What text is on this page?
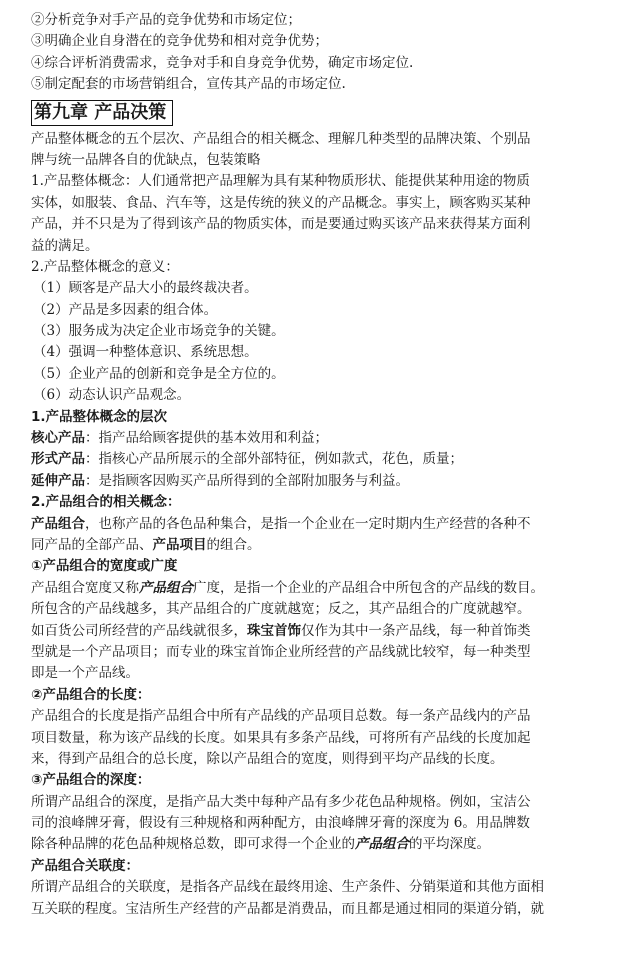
②分析竞争对手产品的竞争优势和市场定位；
③明确企业自身潜在的竞争优势和相对竞争优势；
④综合评析消费需求，竞争对手和自身竞争优势，确定市场定位.
⑤制定配套的市场营销组合，宣传其产品的市场定位.
第九章 产品决策
产品整体概念的五个层次、产品组合的相关概念、理解几种类型的品牌决策、个别品
牌与统一品牌各自的优缺点，包装策略
1.产品整体概念：人们通常把产品理解为具有某种物质形状、能提供某种用途的物质
实体，如服装、食品、汽车等，这是传统的狭义的产品概念。事实上，顾客购买某种
产品，并不只是为了得到该产品的物质实体，而是要通过购买该产品来获得某方面利
益的满足。
2.产品整体概念的意义：
（1）顾客是产品大小的最终裁决者。
（2）产品是多因素的组合体。
（3）服务成为决定企业市场竞争的关键。
（4）强调一种整体意识、系统思想。
（5）企业产品的创新和竞争是全方位的。
（6）动态认识产品观念。
1.产品整体概念的层次
核心产品：指产品给顾客提供的基本效用和利益；
形式产品：指核心产品所展示的全部外部特征，例如款式，花色，质量；
延伸产品：是指顾客因购买产品所得到的全部附加服务与利益。
2.产品组合的相关概念：
产品组合，也称产品的各色品种集合，是指一个企业在一定时期内生产经营的各种不
同产品的全部产品、产品项目的组合。
①产品组合的宽度或广度
产品组合宽度又称产品组合广度，是指一个企业的产品组合中所包含的产品线的数目。
所包含的产品线越多，其产品组合的广度就越宽；反之，其产品组合的广度就越窄。
如百货公司所经营的产品线就很多，珠宝首饰仅作为其中一条产品线，每一种首饰类
型就是一个产品项目；而专业的珠宝首饰企业所经营的产品线就比较窄，每一种类型
即是一个产品线。
②产品组合的长度：
产品组合的长度是指产品组合中所有产品线的产品项目总数。每一条产品线内的产品
项目数量，称为该产品线的长度。如果具有多条产品线，可将所有产品线的长度加起
来，得到产品组合的总长度，除以产品组合的宽度，则得到平均产品线的长度。
③产品组合的深度：
所谓产品组合的深度，是指产品大类中每种产品有多少花色品种规格。例如，宝洁公
司的浪峰牌牙膏，假设有三种规格和两种配方，由浪峰牌牙膏的深度为 6。用品牌数
除各种品牌的花色品种规格总数，即可求得一个企业的产品组合的平均深度。
产品组合关联度：
所谓产品组合的关联度，是指各产品线在最终用途、生产条件、分销渠道和其他方面相
互关联的程度。宝洁所生产经营的产品都是消费品，而且都是通过相同的渠道分销，就
